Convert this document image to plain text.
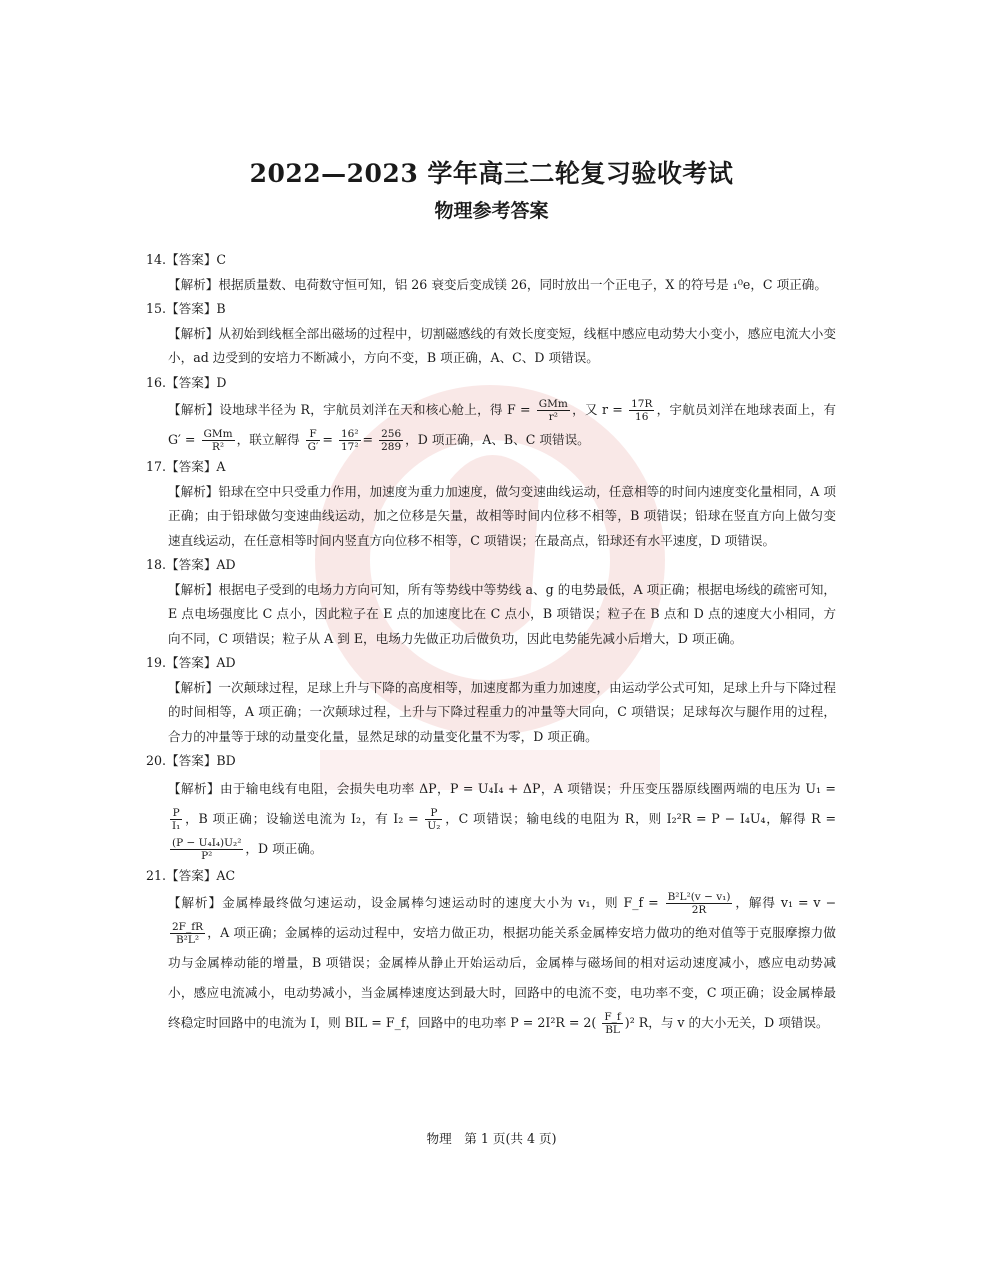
2022—2023 学年高三二轮复习验收考试
物理参考答案
14.【答案】C
【解析】根据质量数、电荷数守恒可知，铝 26 衰变后变成镁 26，同时放出一个正电子，X 的符号是 ₁⁰e，C 项正确。
15.【答案】B
【解析】从初始到线框全部出磁场的过程中，切割磁感线的有效长度变短，线框中感应电动势大小变小，感应电流大小变小，ad 边受到的安培力不断减小，方向不变，B 项正确，A、C、D 项错误。
16.【答案】D
【解析】设地球半径为 R，宇航员刘洋在天和核心舱上，得 $F = \frac{\text{GMm}}{\text{r²}}$ ，又 $r = \frac{17R}{16}$ ，宇航员刘洋在地球表面上，有 $G' = \frac{\text{GMm}}{\text{R²}}$ ，联立解得 $\frac{F}{G'} = \frac{\text{16²}}{\text{17²}} = \frac{256}{289}$ ，D 项正确，A、B、C 项错误。
17.【答案】A
【解析】铅球在空中只受重力作用，加速度为重力加速度，做匀变速曲线运动，任意相等的时间内速度变化量相同，A 项正确；由于铅球做匀变速曲线运动，加之位移是矢量，故相等时间内位移不相等，B 项错误；铅球在竖直方向上做匀变速直线运动，在任意相等时间内竖直方向位移不相等，C 项错误；在最高点，铅球还有水平速度，D 项错误。
18.【答案】AD
【解析】根据电子受到的电场力方向可知，所有等势线中等势线 a、g 的电势最低，A 项正确；根据电场线的疏密可知，E 点电场强度比 C 点小，因此粒子在 E 点的加速度比在 C 点小，B 项错误；粒子在 B 点和 D 点的速度大小相同，方向不同，C 项错误；粒子从 A 到 E，电场力先做正功后做负功，因此电势能先减小后增大，D 项正确。
19.【答案】AD
【解析】一次颠球过程，足球上升与下降的高度相等，加速度都为重力加速度，由运动学公式可知，足球上升与下降过程的时间相等，A 项正确；一次颠球过程，上升与下降过程重力的冲量等大同向，C 项错误；足球每次与腿作用的过程，合力的冲量等于球的动量变化量，显然足球的动量变化量不为零，D 项正确。
20.【答案】BD
【解析】由于输电线有电阻，会损失电功率 ΔP，P = U₄I₄ + ΔP，A 项错误；升压变压器原线圈两端的电压为 U₁ =
$\frac{P}{\text{I₁}}$ ，B 项正确；设输送电流为 I₂，有 $I_2 = \frac{P}{\text{U₂}}$ ，C 项错误；输电线的电阻为 R，则 I₂²R = P − I₄U₄，解得 R =
$\frac{\text{(P − U₄I₄)U₂²}}{\text{P²}}$ ，D 项正确。
21.【答案】AC
【解析】金属棒最终做匀速运动，设金属棒匀速运动时的速度大小为 v₁，则 F_f = $\frac{\text{B²L²(v − v₁)}}{2R}$ ，解得 v₁ = v −
$\frac{2F\_fR}{\text{B²L²}}$ ，A 项正确；金属棒的运动过程中，安培力做正功，根据功能关系金属棒安培力做功的绝对值等于克服摩擦力做功与金属棒动能的增量，B 项错误；金属棒从静止开始运动后，金属棒与磁场间的相对运动速度减小，感应电动势减小，感应电流减小，电动势减小，当金属棒速度达到最大时，回路中的电流不变，电功率不变，C 项正确；设金属棒最终稳定时回路中的电流为 I，则 BIL = F_f，回路中的电功率 $P = 2I^2R = 2( \frac{F\_f}{BL} )^2$ R，与 v 的大小无关，D 项错误。
物理　第 1 页(共 4 页)
